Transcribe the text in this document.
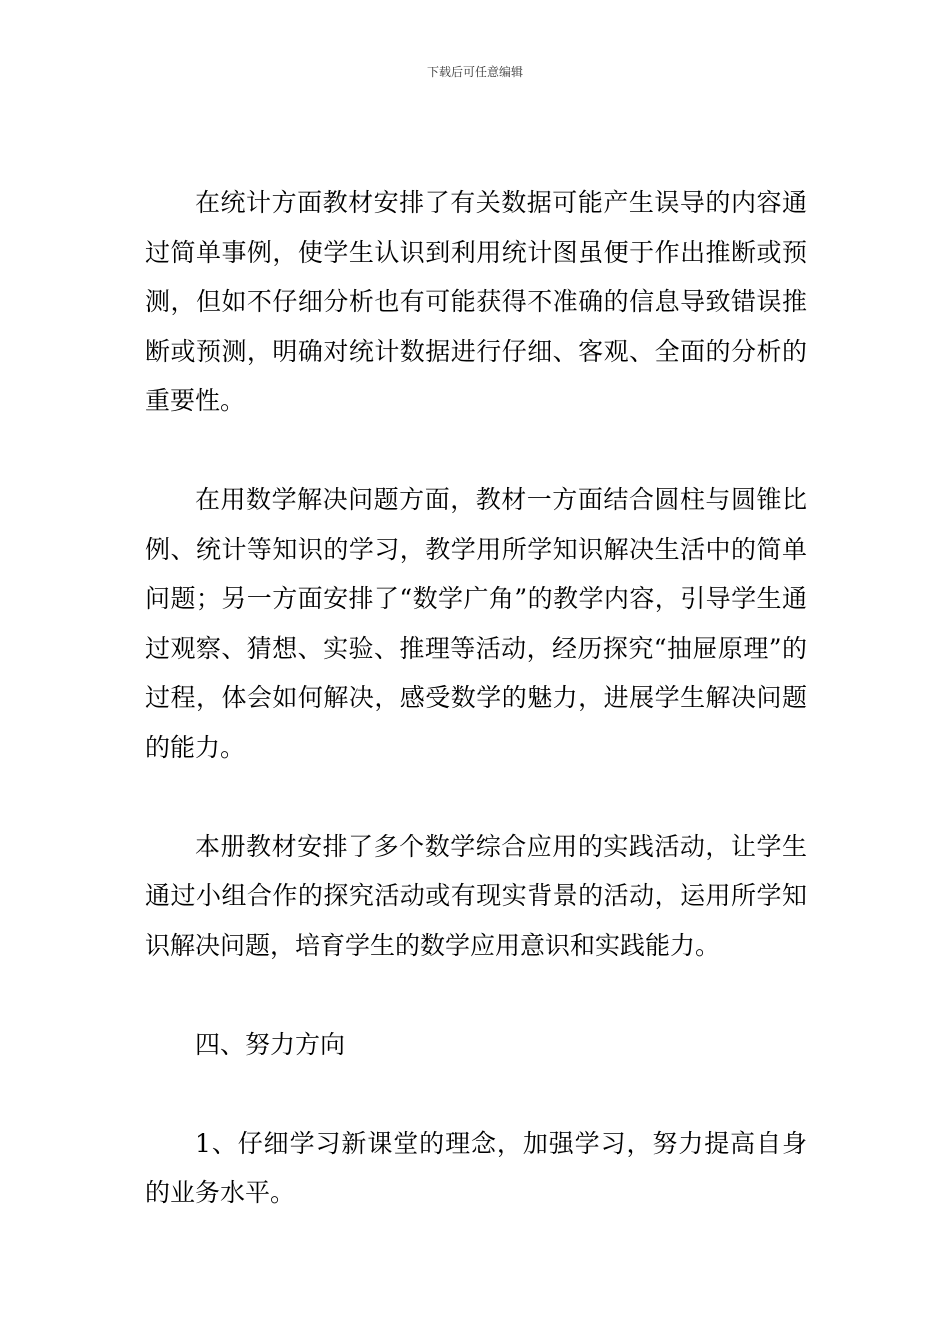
下载后可任意编辑

在统计方面教材安排了有关数据可能产生误导的内容通过简单事例，使学生认识到利用统计图虽便于作出推断或预测，但如不仔细分析也有可能获得不准确的信息导致错误推断或预测，明确对统计数据进行仔细、客观、全面的分析的重要性。

在用数学解决问题方面，教材一方面结合圆柱与圆锥比例、统计等知识的学习，教学用所学知识解决生活中的简单问题；另一方面安排了“数学广角”的教学内容，引导学生通过观察、猜想、实验、推理等活动，经历探究“抽屉原理”的过程，体会如何解决，感受数学的魅力，进展学生解决问题的能力。

本册教材安排了多个数学综合应用的实践活动，让学生通过小组合作的探究活动或有现实背景的活动，运用所学知识解决问题，培育学生的数学应用意识和实践能力。

四、努力方向

1、仔细学习新课堂的理念，加强学习，努力提高自身的业务水平。
